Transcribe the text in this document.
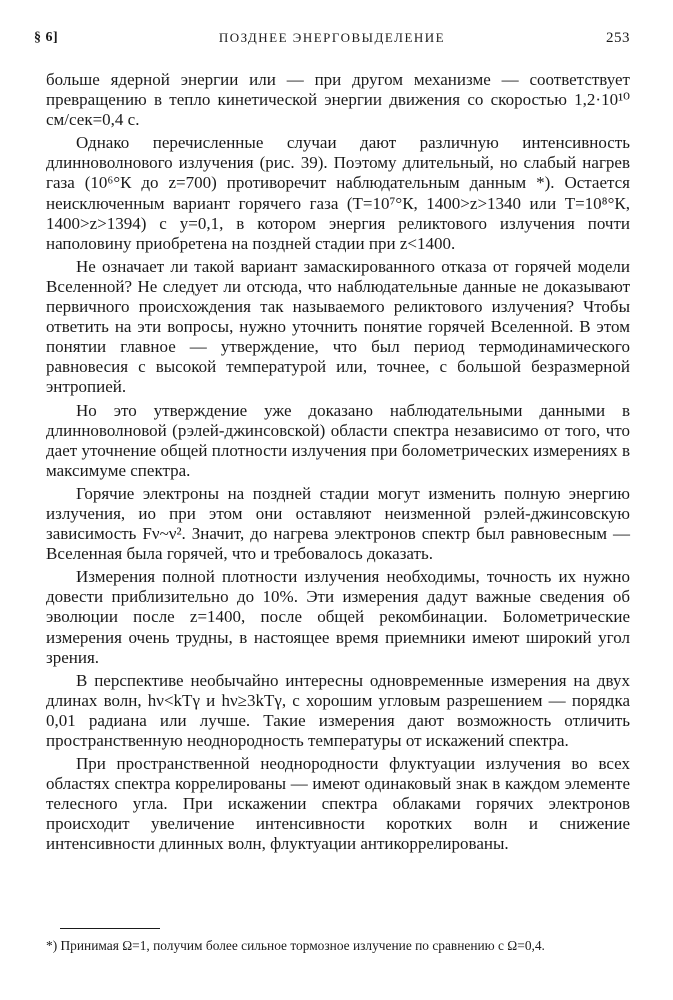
§ 6]	ПОЗДНЕЕ ЭНЕРГОВЫДЕЛЕНИЕ	253

больше ядерной энергии или — при другом механизме — соответствует превращению в тепло кинетической энергии движения со скоростью 1,2·10¹⁰ см/сек=0,4 с.

Однако перечисленные случаи дают различную интенсивность длинноволнового излучения (рис. 39). Поэтому длительный, но слабый нагрев газа (10⁶°К до z=700) противоречит наблюдательным данным *). Остается неисключенным вариант горячего газа (T=10⁷°К, 1400>z>1340 или T=10⁸°К, 1400>z>1394) с y=0,1, в котором энергия реликтового излучения почти наполовину приобретена на поздней стадии при z<1400.

Не означает ли такой вариант замаскированного отказа от горячей модели Вселенной? Не следует ли отсюда, что наблюдательные данные не доказывают первичного происхождения так называемого реликтового излучения? Чтобы ответить на эти вопросы, нужно уточнить понятие горячей Вселенной. В этом понятии главное — утверждение, что был период термодинамического равновесия с высокой температурой или, точнее, с большой безразмерной энтропией.

Но это утверждение уже доказано наблюдательными данными в длинноволновой (рэлей-джинсовской) области спектра независимо от того, что дает уточнение общей плотности излучения при болометрических измерениях в максимуме спектра.

Горячие электроны на поздней стадии могут изменить полную энергию излучения, ио при этом они оставляют неизменной рэлей-джинсовскую зависимость Fν~ν². Значит, до нагрева электронов спектр был равновесным — Вселенная была горячей, что и требовалось доказать.

Измерения полной плотности излучения необходимы, точность их нужно довести приблизительно до 10%. Эти измерения дадут важные сведения об эволюции после z=1400, после общей рекомбинации. Болометрические измерения очень трудны, в настоящее время приемники имеют широкий угол зрения.

В перспективе необычайно интересны одновременные измерения на двух длинах волн, hν<kTγ и hν≥3kTγ, с хорошим угловым разрешением — порядка 0,01 радиана или лучше. Такие измерения дают возможность отличить пространственную неоднородность температуры от искажений спектра.

При пространственной неоднородности флуктуации излучения во всех областях спектра коррелированы — имеют одинаковый знак в каждом элементе телесного угла. При искажении спектра облаками горячих электронов происходит увеличение интенсивности коротких волн и снижение интенсивности длинных волн, флуктуации антикоррелированы.

*) Принимая Ω=1, получим более сильное тормозное излучение по сравнению с Ω=0,4.
